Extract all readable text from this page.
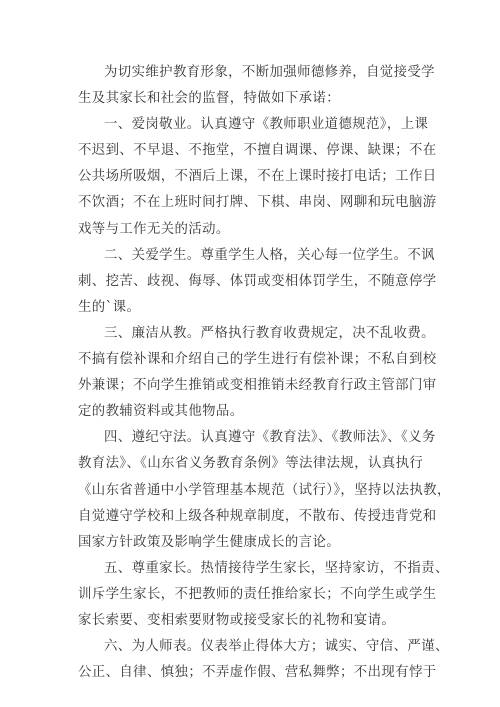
为切实维护教育形象，不断加强师德修养，自觉接受学
生及其家长和社会的监督，特做如下承诺：
一、爱岗敬业。认真遵守《教师职业道德规范》，上课
不迟到、不早退、不拖堂，不擅自调课、停课、缺课；不在
公共场所吸烟，不酒后上课，不在上课时接打电话；工作日
不饮酒；不在上班时间打牌、下棋、串岗、网聊和玩电脑游
戏等与工作无关的活动。
二、关爱学生。尊重学生人格，关心每一位学生。不讽
刺、挖苦、歧视、侮辱、体罚或变相体罚学生，不随意停学
生的`课。
三、廉洁从教。严格执行教育收费规定，决不乱收费。
不搞有偿补课和介绍自己的学生进行有偿补课；不私自到校
外兼课；不向学生推销或变相推销未经教育行政主管部门审
定的教辅资料或其他物品。
四、遵纪守法。认真遵守《教育法》、《教师法》、《义务
教育法》、《山东省义务教育条例》等法律法规，认真执行
《山东省普通中小学管理基本规范（试行）》，坚持以法执教，
自觉遵守学校和上级各种规章制度，不散布、传授违背党和
国家方针政策及影响学生健康成长的言论。
五、尊重家长。热情接待学生家长，坚持家访，不指责、
训斥学生家长，不把教师的责任推给家长；不向学生或学生
家长索要、变相索要财物或接受家长的礼物和宴请。
六、为人师表。仪表举止得体大方；诚实、守信、严谨、
公正、自律、慎独；不弄虚作假、营私舞弊；不出现有悖于
